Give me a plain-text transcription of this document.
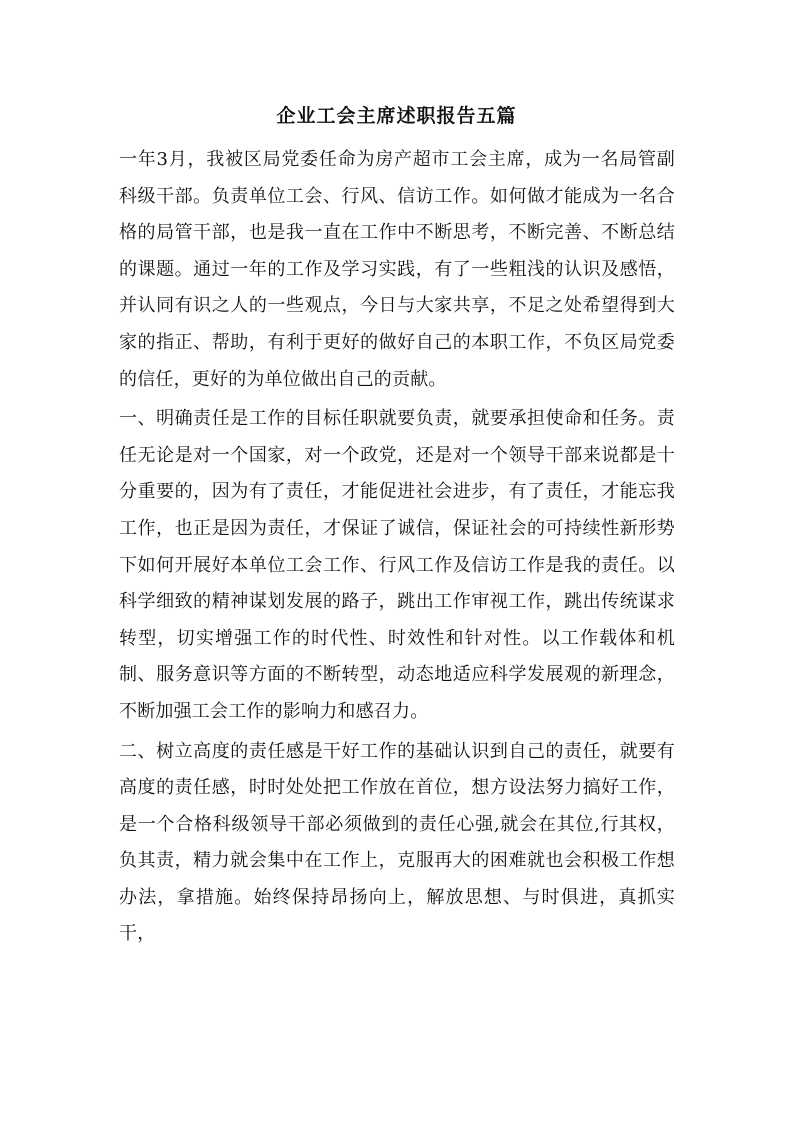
企业工会主席述职报告五篇

一年3月，我被区局党委任命为房产超市工会主席，成为一名局管副科级干部。负责单位工会、行风、信访工作。如何做才能成为一名合格的局管干部，也是我一直在工作中不断思考，不断完善、不断总结的课题。通过一年的工作及学习实践，有了一些粗浅的认识及感悟，并认同有识之人的一些观点，今日与大家共享，不足之处希望得到大家的指正、帮助，有利于更好的做好自己的本职工作，不负区局党委的信任，更好的为单位做出自己的贡献。

一、明确责任是工作的目标任职就要负责，就要承担使命和任务。责任无论是对一个国家，对一个政党，还是对一个领导干部来说都是十分重要的，因为有了责任，才能促进社会进步，有了责任，才能忘我工作，也正是因为责任，才保证了诚信，保证社会的可持续性新形势下如何开展好本单位工会工作、行风工作及信访工作是我的责任。以科学细致的精神谋划发展的路子，跳出工作审视工作，跳出传统谋求转型，切实增强工作的时代性、时效性和针对性。以工作载体和机制、服务意识等方面的不断转型，动态地适应科学发展观的新理念，不断加强工会工作的影响力和感召力。

二、树立高度的责任感是干好工作的基础认识到自己的责任，就要有高度的责任感，时时处处把工作放在首位，想方设法努力搞好工作，是一个合格科级领导干部必须做到的责任心强,就会在其位,行其权，负其责，精力就会集中在工作上，克服再大的困难就也会积极工作想办法，拿措施。始终保持昂扬向上，解放思想、与时俱进，真抓实干，
